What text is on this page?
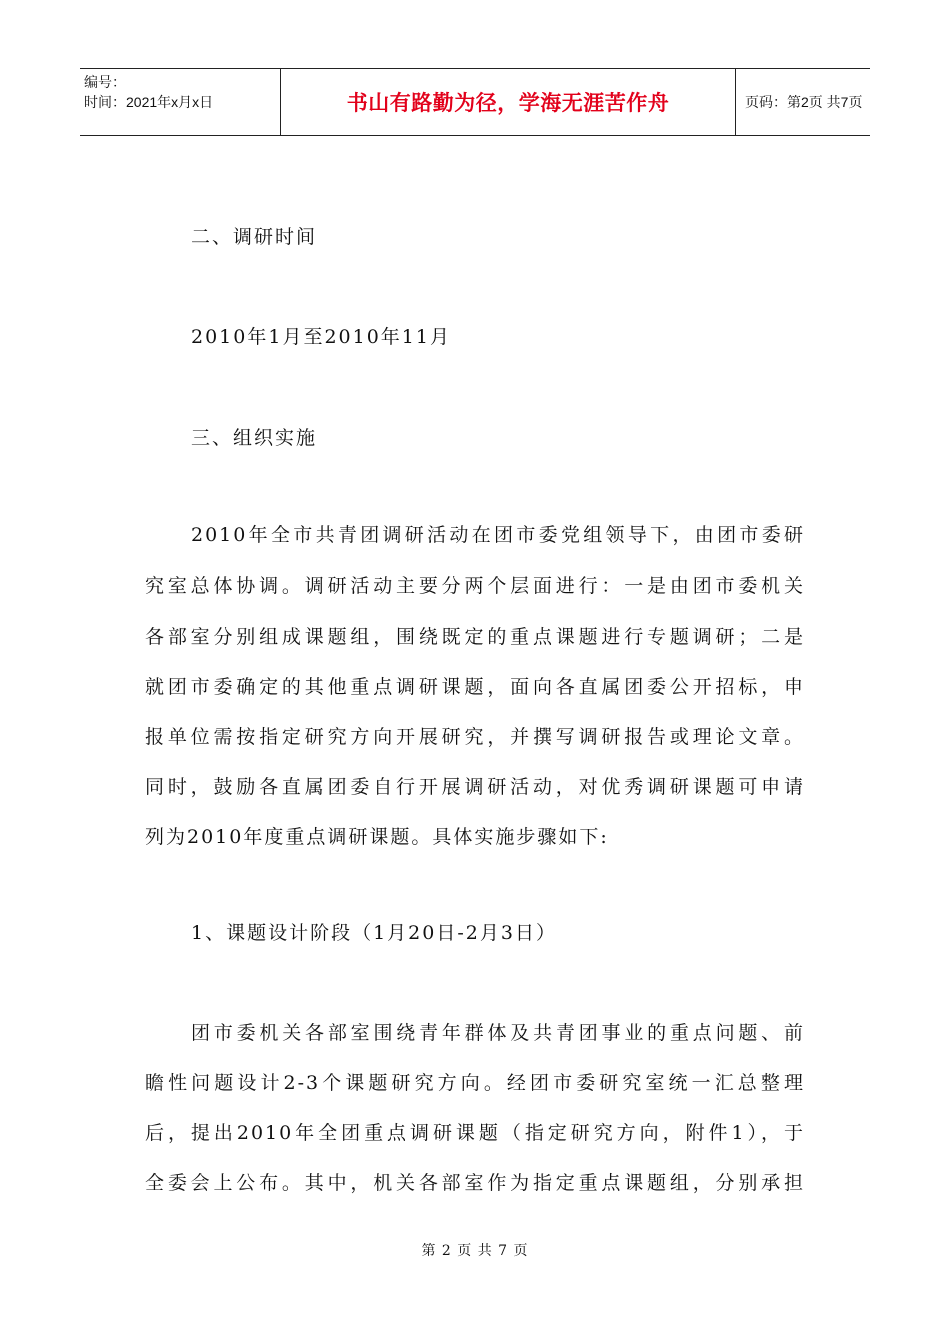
编号：
时间：2021年x月x日	书山有路勤为径，学海无涯苦作舟	页码：第2页 共7页
二、调研时间
2010年1月至2010年11月
三、组织实施
2010年全市共青团调研活动在团市委党组领导下，由团市委研
究室总体协调。调研活动主要分两个层面进行：一是由团市委机关
各部室分别组成课题组，围绕既定的重点课题进行专题调研；二是
就团市委确定的其他重点调研课题，面向各直属团委公开招标，申
报单位需按指定研究方向开展研究，并撰写调研报告或理论文章。
同时，鼓励各直属团委自行开展调研活动，对优秀调研课题可申请
列为2010年度重点调研课题。具体实施步骤如下:
1、课题设计阶段（1月20日-2月3日）
团市委机关各部室围绕青年群体及共青团事业的重点问题、前
瞻性问题设计2-3个课题研究方向。经团市委研究室统一汇总整理
后，提出2010年全团重点调研课题（指定研究方向，附件1），于
全委会上公布。其中，机关各部室作为指定重点课题组，分别承担
第 2 页 共 7 页
